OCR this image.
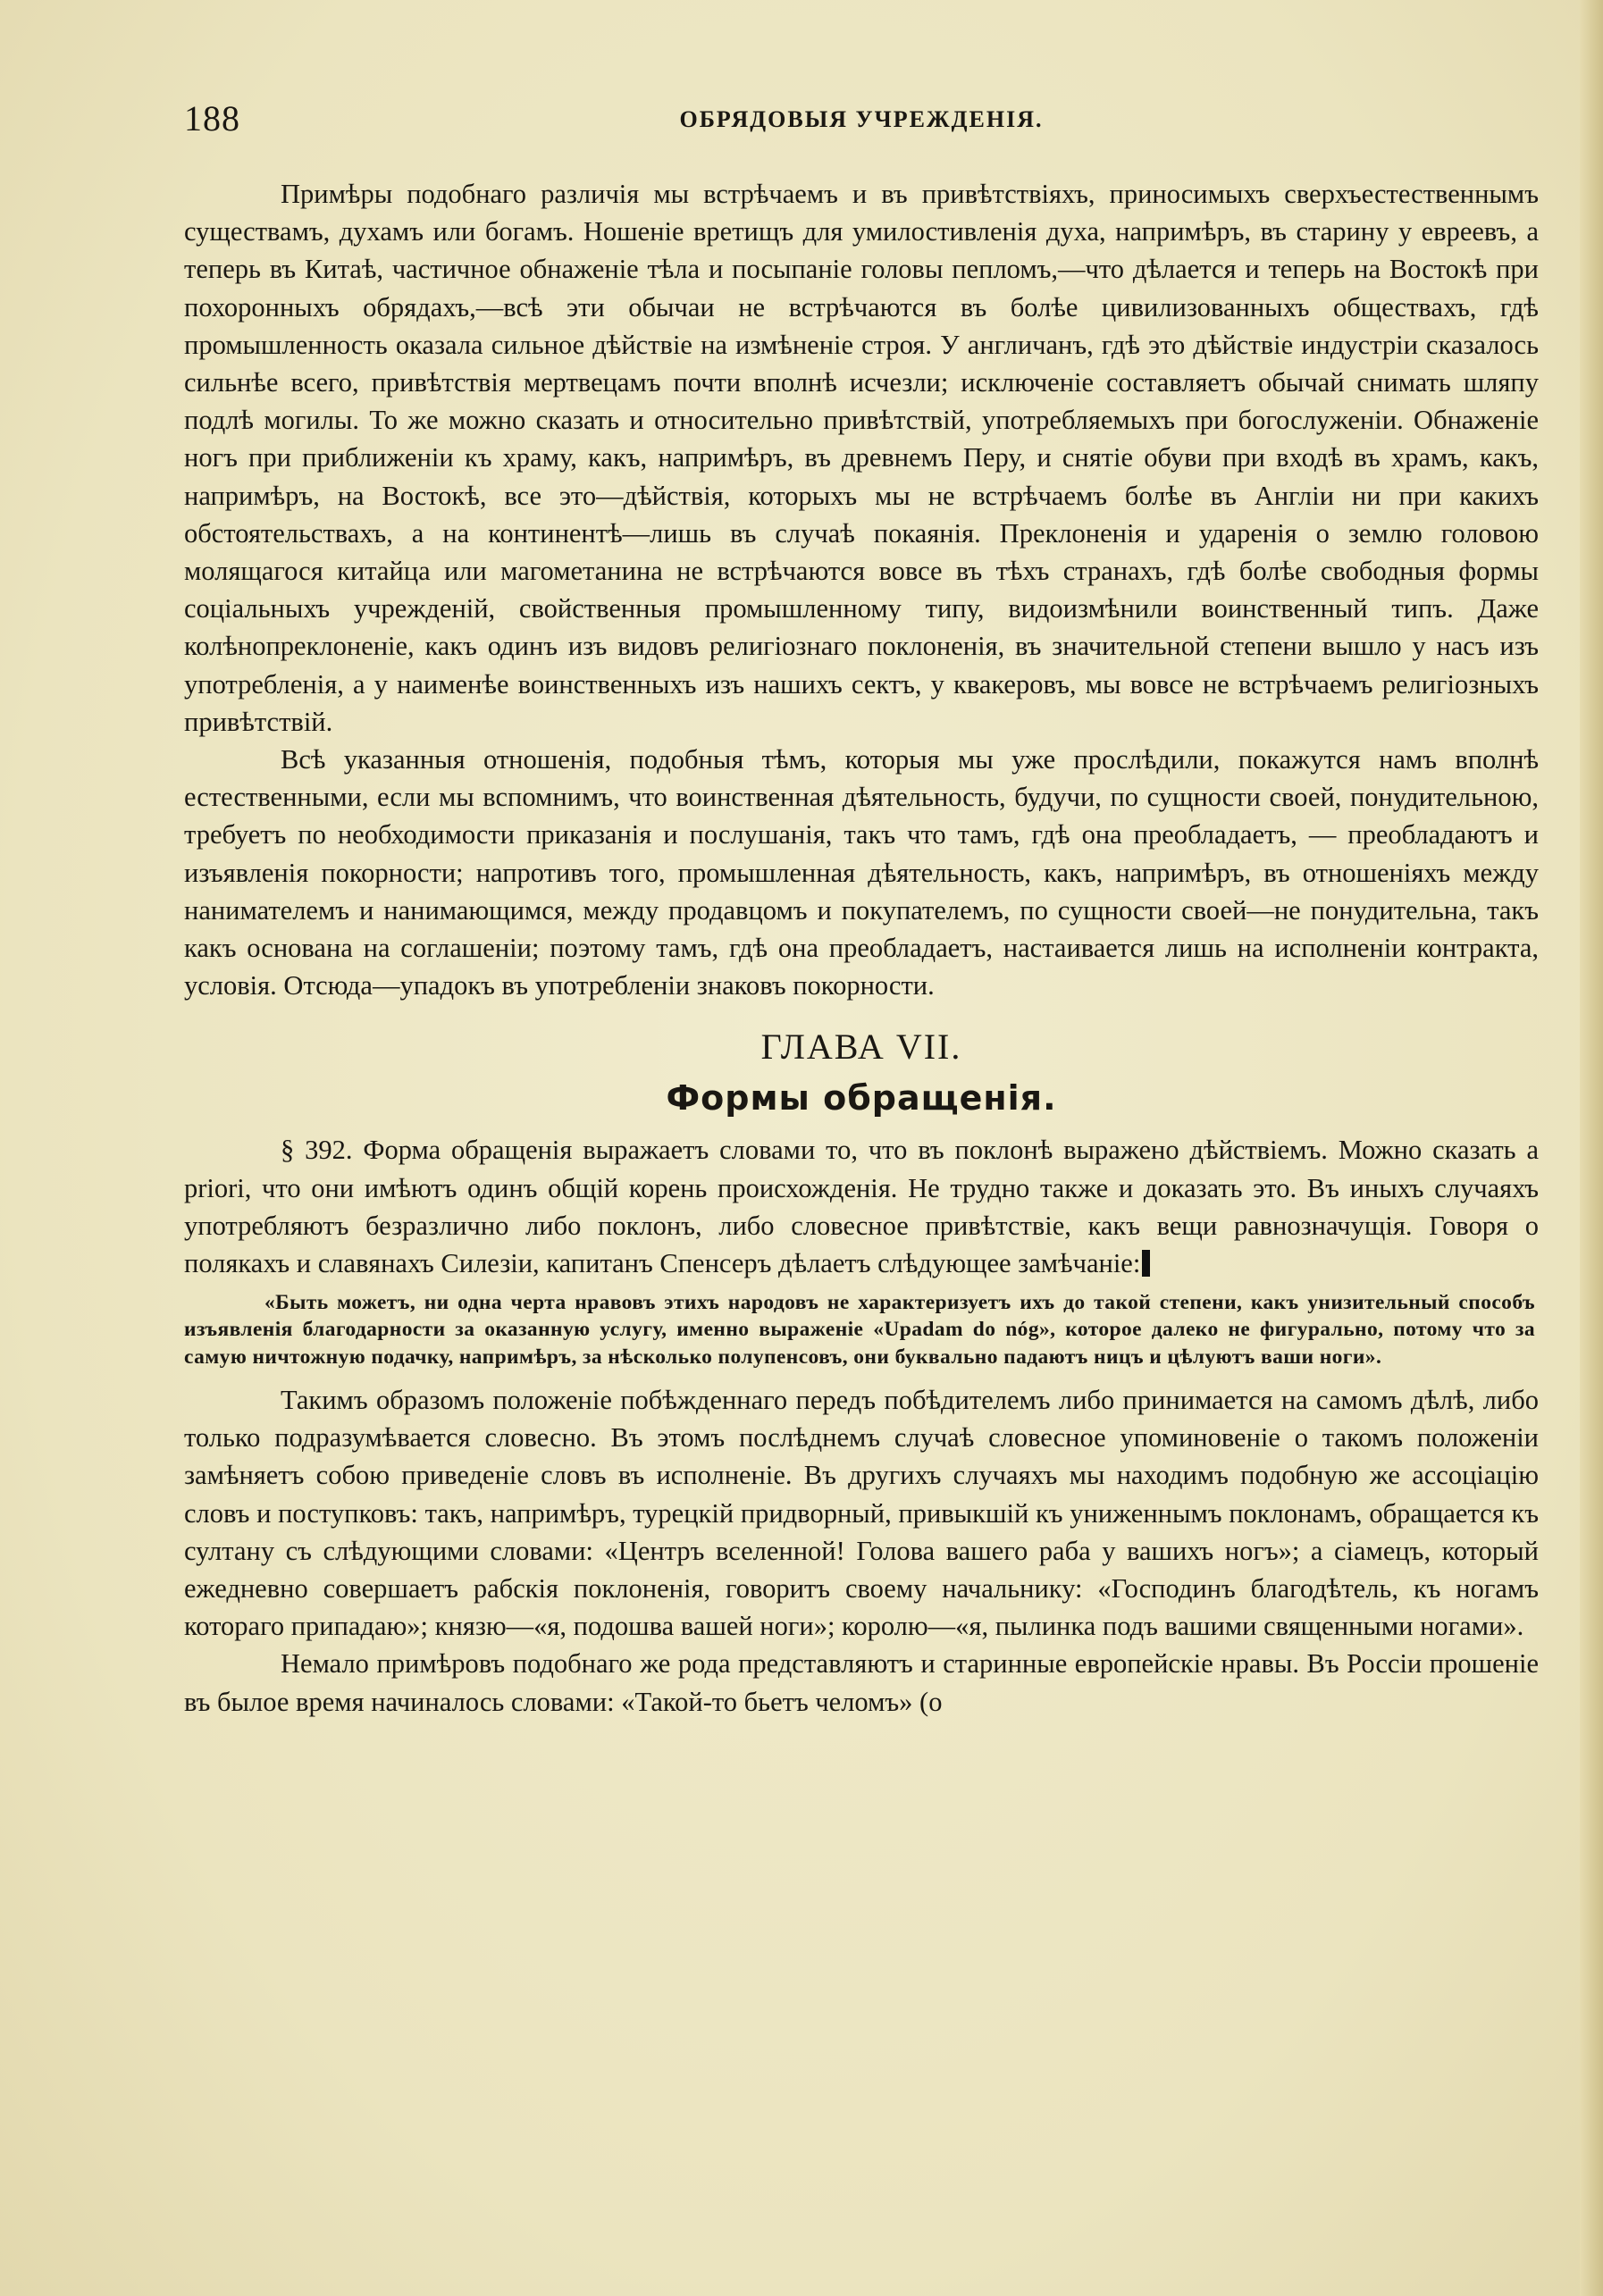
188	ОБРЯДОВЫЯ УЧРЕЖДЕНІЯ.

Примѣры подобнаго различія мы встрѣчаемъ и въ привѣтствіяхъ, приносимыхъ сверхъестественнымъ существамъ, духамъ или богамъ. Ношеніе вретищъ для умилостивленія духа, напримѣръ, въ старину у евреевъ, а теперь въ Китаѣ, частичное обнаженіе тѣла и посыпаніе головы пепломъ,—что дѣлается и теперь на Востокѣ при похоронныхъ обрядахъ,—всѣ эти обычаи не встрѣчаются въ болѣе цивилизованныхъ обществахъ, гдѣ промышленность оказала сильное дѣйствіе на измѣненіе строя. У англичанъ, гдѣ это дѣйствіе индустріи сказалось сильнѣе всего, привѣтствія мертвецамъ почти вполнѣ исчезли; исключеніе составляетъ обычай снимать шляпу подлѣ могилы. То же можно сказать и относительно привѣтствій, употребляемыхъ при богослуженіи. Обнаженіе ногъ при приближеніи къ храму, какъ, напримѣръ, въ древнемъ Перу, и снятіе обуви при входѣ въ храмъ, какъ, напримѣръ, на Востокѣ, все это—дѣйствія, которыхъ мы не встрѣчаемъ болѣе въ Англіи ни при какихъ обстоятельствахъ, а на континентѣ—лишь въ случаѣ покаянія. Преклоненія и ударенія о землю головою молящагося китайца или магометанина не встрѣчаются вовсе въ тѣхъ странахъ, гдѣ болѣе свободныя формы соціальныхъ учрежденій, свойственныя промышленному типу, видоизмѣнили воинственный типъ. Даже колѣнопреклоненіе, какъ одинъ изъ видовъ религіознаго поклоненія, въ значительной степени вышло у насъ изъ употребленія, а у наименѣе воинственныхъ изъ нашихъ сектъ, у квакеровъ, мы вовсе не встрѣчаемъ религіозныхъ привѣтствій.

Всѣ указанныя отношенія, подобныя тѣмъ, которыя мы уже прослѣдили, покажутся намъ вполнѣ естественными, если мы вспомнимъ, что воинственная дѣятельность, будучи, по сущности своей, понудительною, требуетъ по необходимости приказанія и послушанія, такъ что тамъ, гдѣ она преобладаетъ, — преобладаютъ и изъявленія покорности; напротивъ того, промышленная дѣятельность, какъ, напримѣръ, въ отношеніяхъ между нанимателемъ и нанимающимся, между продавцомъ и покупателемъ, по сущности своей—не понудительна, такъ какъ основана на соглашеніи; поэтому тамъ, гдѣ она преобладаетъ, настаивается лишь на исполненіи контракта, условія. Отсюда—упадокъ въ употребленіи знаковъ покорности.

ГЛАВА VII.
Формы обращенія.

§ 392. Форма обращенія выражаетъ словами то, что въ поклонѣ выражено дѣйствіемъ. Можно сказать a priori, что они имѣютъ одинъ общій корень происхожденія. Не трудно также и доказать это. Въ иныхъ случаяхъ употребляютъ безразлично либо поклонъ, либо словесное привѣтствіе, какъ вещи равнозначущія. Говоря о полякахъ и славянахъ Силезіи, капитанъ Спенсеръ дѣлаетъ слѣдующее замѣчаніе:

«Быть можетъ, ни одна черта нравовъ этихъ народовъ не характеризуетъ ихъ до такой степени, какъ унизительный способъ изъявленія благодарности за оказанную услугу, именно выраженіе «Upadam do nóg», которое далеко не фигурально, потому что за самую ничтожную подачку, напримѣръ, за нѣсколько полупенсовъ, они буквально падаютъ ницъ и цѣлуютъ ваши ноги».

Такимъ образомъ положеніе побѣжденнаго передъ побѣдителемъ либо принимается на самомъ дѣлѣ, либо только подразумѣвается словесно. Въ этомъ послѣднемъ случаѣ словесное упоминовеніе о такомъ положеніи замѣняетъ собою приведеніе словъ въ исполненіе. Въ другихъ случаяхъ мы находимъ подобную же ассоціацію словъ и поступковъ: такъ, напримѣръ, турецкій придворный, привыкшій къ униженнымъ поклонамъ, обращается къ султану съ слѣдующими словами: «Центръ вселенной! Голова вашего раба у вашихъ ногъ»; а сіамецъ, который ежедневно совершаетъ рабскія поклоненія, говоритъ своему начальнику: «Господинъ благодѣтель, къ ногамъ котораго припадаю»; князю—«я, подошва вашей ноги»; королю—«я, пылинка подъ вашими священными ногами».

Немало примѣровъ подобнаго же рода представляютъ и старинные европейскіе нравы. Въ Россіи прошеніе въ былое время начиналось словами: «Такой-то бьетъ челомъ» (о
